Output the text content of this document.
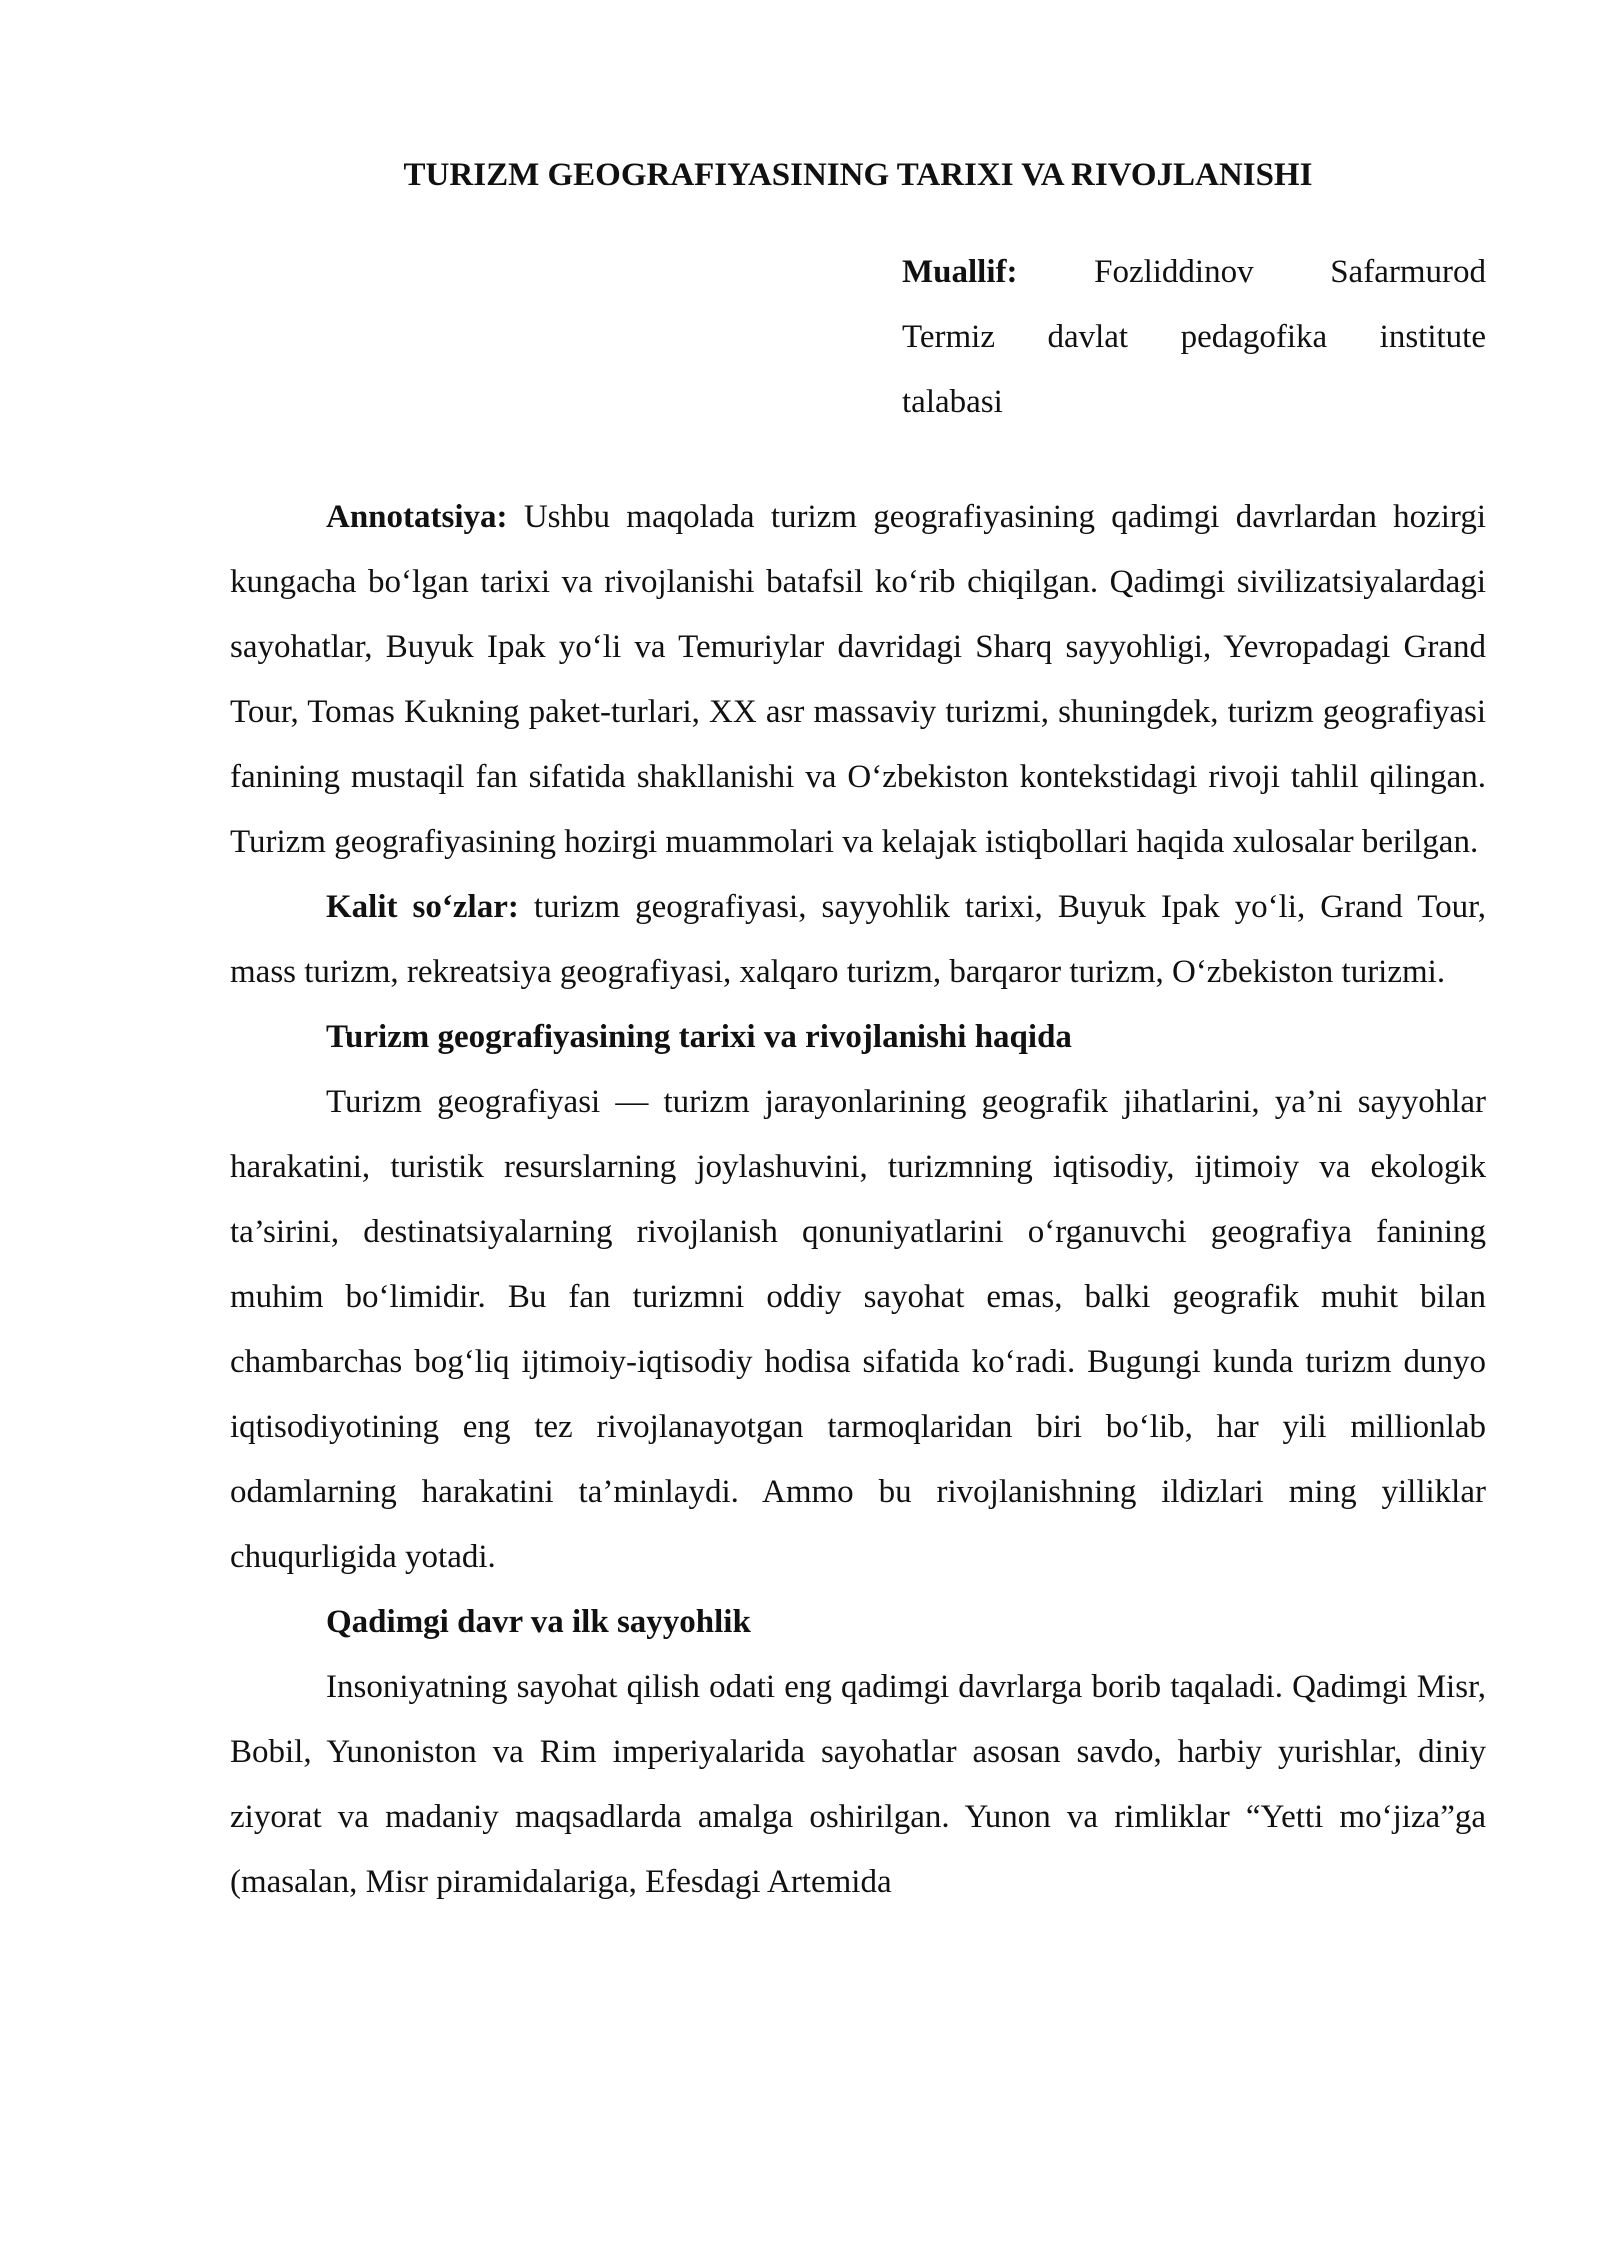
TURIZM GEOGRAFIYASINING TARIXI VA RIVOJLANISHI
Muallif: Fozliddinov Safarmurod
Termiz davlat pedagofika institute
talabasi

Annotatsiya: Ushbu maqolada turizm geografiyasining qadimgi davrlardan hozirgi kungacha bo‘lgan tarixi va rivojlanishi batafsil ko‘rib chiqilgan. Qadimgi sivilizatsiyalardagi sayohatlar, Buyuk Ipak yo‘li va Temuriylar davridagi Sharq sayyohligi, Yevropadagi Grand Tour, Tomas Kukning paket-turlari, XX asr massaviy turizmi, shuningdek, turizm geografiyasi fanining mustaqil fan sifatida shakllanishi va O‘zbekiston kontekstidagi rivoji tahlil qilingan. Turizm geografiyasining hozirgi muammolari va kelajak istiqbollari haqida xulosalar berilgan.

Kalit so‘zlar: turizm geografiyasi, sayyohlik tarixi, Buyuk Ipak yo‘li, Grand Tour, mass turizm, rekreatsiya geografiyasi, xalqaro turizm, barqaror turizm, O‘zbekiston turizmi.

Turizm geografiyasining tarixi va rivojlanishi haqida

Turizm geografiyasi — turizm jarayonlarining geografik jihatlarini, ya’ni sayyohlar harakatini, turistik resurslarning joylashuvini, turizmning iqtisodiy, ijtimoiy va ekologik ta’sirini, destinatsiyalarning rivojlanish qonuniyatlarini o‘rganuvchi geografiya fanining muhim bo‘limidir. Bu fan turizmni oddiy sayohat emas, balki geografik muhit bilan chambarchas bog‘liq ijtimoiy-iqtisodiy hodisa sifatida ko‘radi. Bugungi kunda turizm dunyo iqtisodiyotining eng tez rivojlanayotgan tarmoqlaridan biri bo‘lib, har yili millionlab odamlarning harakatini ta’minlaydi. Ammo bu rivojlanishning ildizlari ming yilliklar chuqurligida yotadi.

Qadimgi davr va ilk sayyohlik

Insoniyatning sayohat qilish odati eng qadimgi davrlarga borib taqaladi. Qadimgi Misr, Bobil, Yunoniston va Rim imperiyalarida sayohatlar asosan savdo, harbiy yurishlar, diniy ziyorat va madaniy maqsadlarda amalga oshirilgan. Yunon va rimliklar “Yetti mo‘jiza”ga (masalan, Misr piramidalariga, Efesdagi Artemida
